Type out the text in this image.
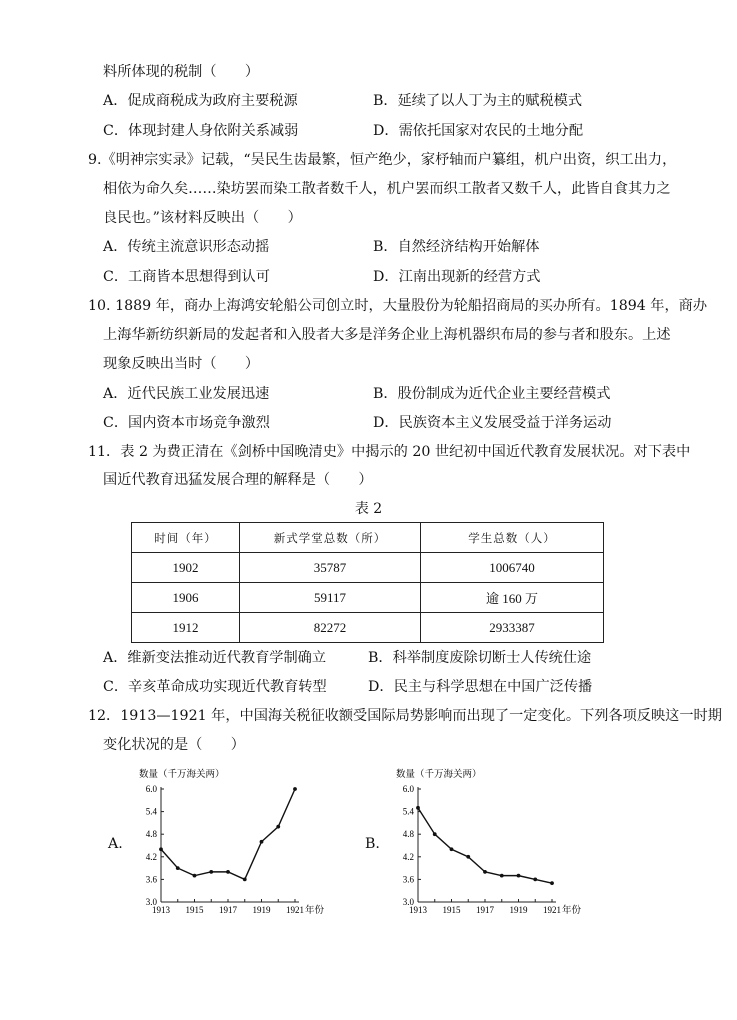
料所体现的税制（　　）
A．促成商税成为政府主要税源	B．延续了以人丁为主的赋税模式
C．体现封建人身依附关系减弱	D．需依托国家对农民的土地分配
9.《明神宗实录》记载，“吴民生齿最繁，恒产绝少，家杼轴而户纂组，机户出资，织工出力，
相依为命久矣……染坊罢而染工散者数千人，机户罢而织工散者又数千人，此皆自食其力之
良民也。”该材料反映出（　　）
A．传统主流意识形态动摇	B．自然经济结构开始解体
C．工商皆本思想得到认可	D．江南出现新的经营方式
10. 1889 年，商办上海鸿安轮船公司创立时，大量股份为轮船招商局的买办所有。1894 年，商办
上海华新纺织新局的发起者和入股者大多是洋务企业上海机器织布局的参与者和股东。上述
现象反映出当时（　　）
A．近代民族工业发展迅速	B．股份制成为近代企业主要经营模式
C．国内资本市场竞争激烈	D．民族资本主义发展受益于洋务运动
11．表 2 为费正清在《剑桥中国晚清史》中揭示的 20 世纪初中国近代教育发展状况。对下表中
国近代教育迅猛发展合理的解释是（　　）
表 2
时间（年）	新式学堂总数（所）	学生总数（人）
1902	35787	1006740
1906	59117	逾 160 万
1912	82272	2933387
A．维新变法推动近代教育学制确立	B．科举制度废除切断士人传统仕途
C．辛亥革命成功实现近代教育转型	D．民主与科学思想在中国广泛传播
12．1913—1921 年，中国海关税征收额受国际局势影响而出现了一定变化。下列各项反映这一时期
变化状况的是（　　）
A.	B.
数量（千万海关两）
3.0
3.6
4.2
4.8
5.4
6.0
1913 1915 1917 1919 1921 年份
数量（千万海关两）
3.0
3.6
4.2
4.8
5.4
6.0
1913 1915 1917 1919 1921 年份
